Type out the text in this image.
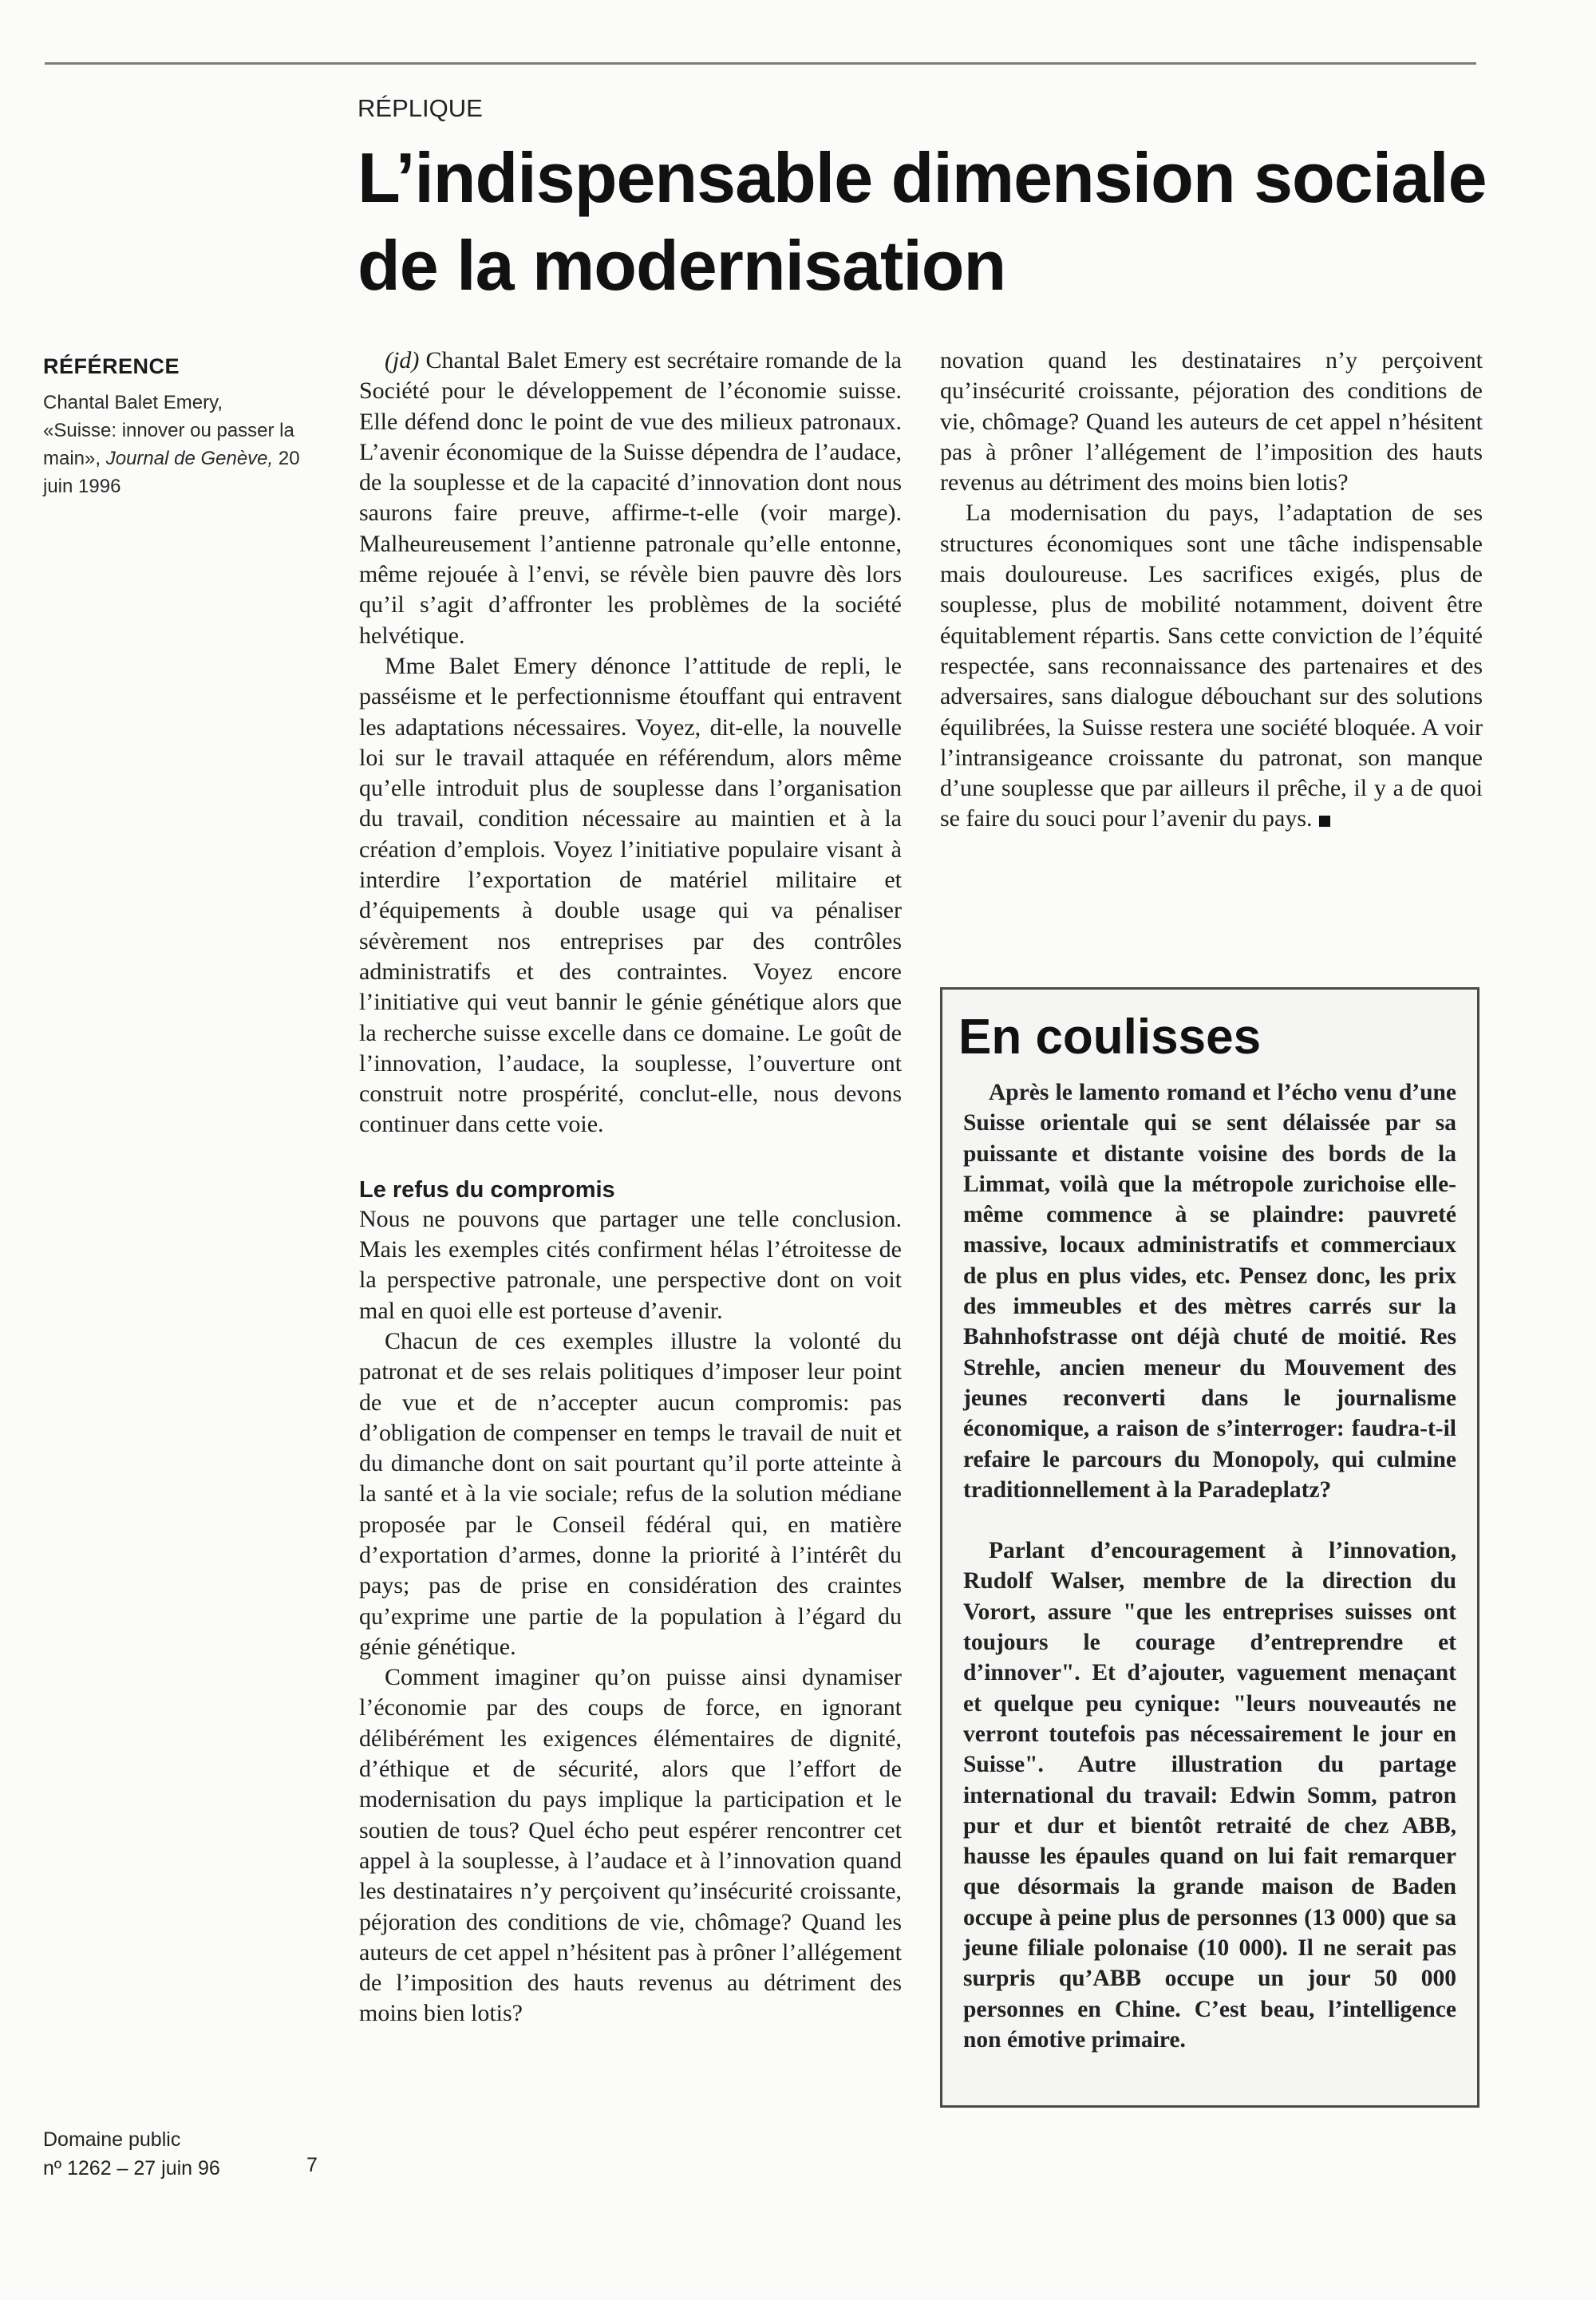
RÉPLIQUE
L’indispensable dimension sociale
de la modernisation
RÉFÉRENCE
Chantal Balet Emery,
«Suisse: innover ou passer la main», Journal de Genève, 20 juin 1996

(jd) Chantal Balet Emery est secrétaire romande de la Société pour le développement de l’économie suisse. Elle défend donc le point de vue des milieux patronaux. L’avenir économique de la Suisse dépendra de l’audace, de la souplesse et de la capacité d’innovation dont nous saurons faire preuve, affirme-t-elle (voir marge). Malheureusement l’antienne patronale qu’elle entonne, même rejouée à l’envi, se révèle bien pauvre dès lors qu’il s’agit d’affronter les problèmes de la société helvétique.

Mme Balet Emery dénonce l’attitude de repli, le passéisme et le perfectionnisme étouffant qui entravent les adaptations nécessaires. Voyez, dit-elle, la nouvelle loi sur le travail attaquée en référendum, alors même qu’elle introduit plus de souplesse dans l’organisation du travail, condition nécessaire au maintien et à la création d’emplois. Voyez l’initiative populaire visant à interdire l’exportation de matériel militaire et d’équipements à double usage qui va pénaliser sévèrement nos entreprises par des contrôles administratifs et des contraintes. Voyez encore l’initiative qui veut bannir le génie génétique alors que la recherche suisse excelle dans ce domaine. Le goût de l’innovation, l’audace, la souplesse, l’ouverture ont construit notre prospérité, conclut-elle, nous devons continuer dans cette voie.

Le refus du compromis

Nous ne pouvons que partager une telle conclusion. Mais les exemples cités confirment hélas l’étroitesse de la perspective patronale, une perspective dont on voit mal en quoi elle est porteuse d’avenir.

Chacun de ces exemples illustre la volonté du patronat et de ses relais politiques d’imposer leur point de vue et de n’accepter aucun compromis: pas d’obligation de compenser en temps le travail de nuit et du dimanche dont on sait pourtant qu’il porte atteinte à la santé et à la vie sociale; refus de la solution médiane proposée par le Conseil fédéral qui, en matière d’exportation d’armes, donne la priorité à l’intérêt du pays; pas de prise en considération des craintes qu’exprime une partie de la population à l’égard du génie génétique.

Comment imaginer qu’on puisse ainsi dynamiser l’économie par des coups de force, en ignorant délibérément les exigences élémentaires de dignité, d’éthique et de sécurité, alors que l’effort de modernisation du pays implique la participation et le soutien de tous? Quel écho peut espérer rencontrer cet appel à la souplesse, à l’audace et à l’innovation quand les destinataires n’y perçoivent qu’insécurité croissante, péjoration des conditions de vie, chômage? Quand les auteurs de cet appel n’hésitent pas à prôner l’allégement de l’imposition des hauts revenus au détriment des moins bien lotis?

novation quand les destinataires n’y perçoivent qu’insécurité croissante, péjoration des conditions de vie, chômage? Quand les auteurs de cet appel n’hésitent pas à prôner l’allégement de l’imposition des hauts revenus au détriment des moins bien lotis?

La modernisation du pays, l’adaptation de ses structures économiques sont une tâche indispensable mais douloureuse. Les sacrifices exigés, plus de souplesse, plus de mobilité notamment, doivent être équitablement répartis. Sans cette conviction de l’équité respectée, sans reconnaissance des partenaires et des adversaires, sans dialogue débouchant sur des solutions équilibrées, la Suisse restera une société bloquée. A voir l’intransigeance croissante du patronat, son manque d’une souplesse que par ailleurs il prêche, il y a de quoi se faire du souci pour l’avenir du pays.

En coulisses

Après le lamento romand et l’écho venu d’une Suisse orientale qui se sent délaissée par sa puissante et distante voisine des bords de la Limmat, voilà que la métropole zurichoise elle-même commence à se plaindre: pauvreté massive, locaux administratifs et commerciaux de plus en plus vides, etc. Pensez donc, les prix des immeubles et des mètres carrés sur la Bahnhofstrasse ont déjà chuté de moitié. Res Strehle, ancien meneur du Mouvement des jeunes reconverti dans le journalisme économique, a raison de s’interroger: faudra-t-il refaire le parcours du Monopoly, qui culmine traditionnellement à la Paradeplatz?

Parlant d’encouragement à l’innovation, Rudolf Walser, membre de la direction du Vorort, assure "que les entreprises suisses ont toujours le courage d’entreprendre et d’innover". Et d’ajouter, vaguement menaçant et quelque peu cynique: "leurs nouveautés ne verront toutefois pas nécessairement le jour en Suisse". Autre illustration du partage international du travail: Edwin Somm, patron pur et dur et bientôt retraité de chez ABB, hausse les épaules quand on lui fait remarquer que désormais la grande maison de Baden occupe à peine plus de personnes (13 000) que sa jeune filiale polonaise (10 000). Il ne serait pas surpris qu’ABB occupe un jour 50 000 personnes en Chine. C’est beau, l’intelligence non émotive primaire.

Domaine public
nº 1262 – 27 juin 96	7
